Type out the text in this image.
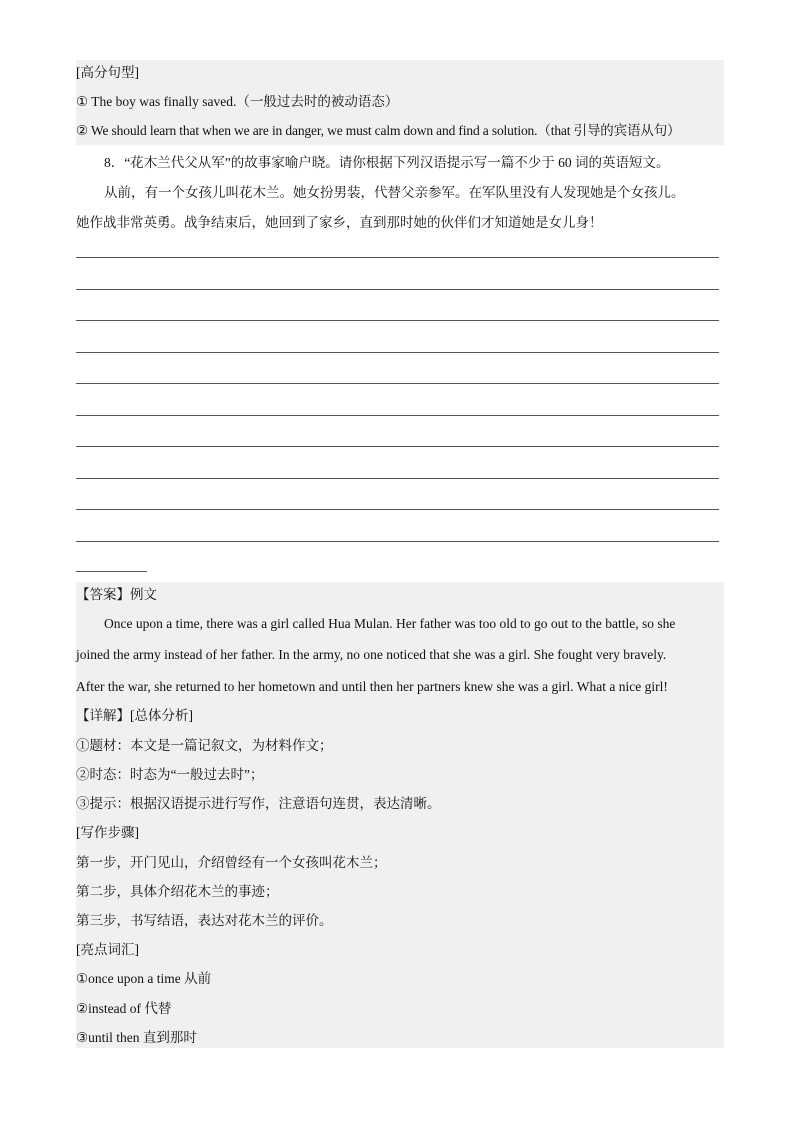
[高分句型]
① The boy was finally saved.（一般过去时的被动语态）
② We should learn that when we are in danger, we must calm down and find a solution.（that 引导的宾语从句）
8．“花木兰代父从军”的故事家喻户晓。请你根据下列汉语提示写一篇不少于 60 词的英语短文。
从前，有一个女孩儿叫花木兰。她女扮男装，代替父亲参军。在军队里没有人发现她是个女孩儿。
她作战非常英勇。战争结束后，她回到了家乡，直到那时她的伙伴们才知道她是女儿身！
【答案】例文
Once upon a time, there was a girl called Hua Mulan. Her father was too old to go out to the battle, so she
joined the army instead of her father. In the army, no one noticed that she was a girl. She fought very bravely.
After the war, she returned to her hometown and until then her partners knew she was a girl. What a nice girl!
【详解】[总体分析]
①题材：本文是一篇记叙文，为材料作文；
②时态：时态为“一般过去时”；
③提示：根据汉语提示进行写作，注意语句连贯，表达清晰。
[写作步骤]
第一步，开门见山，介绍曾经有一个女孩叫花木兰；
第二步，具体介绍花木兰的事迹；
第三步，书写结语，表达对花木兰的评价。
[亮点词汇]
①once upon a time 从前
②instead of 代替
③until then 直到那时
